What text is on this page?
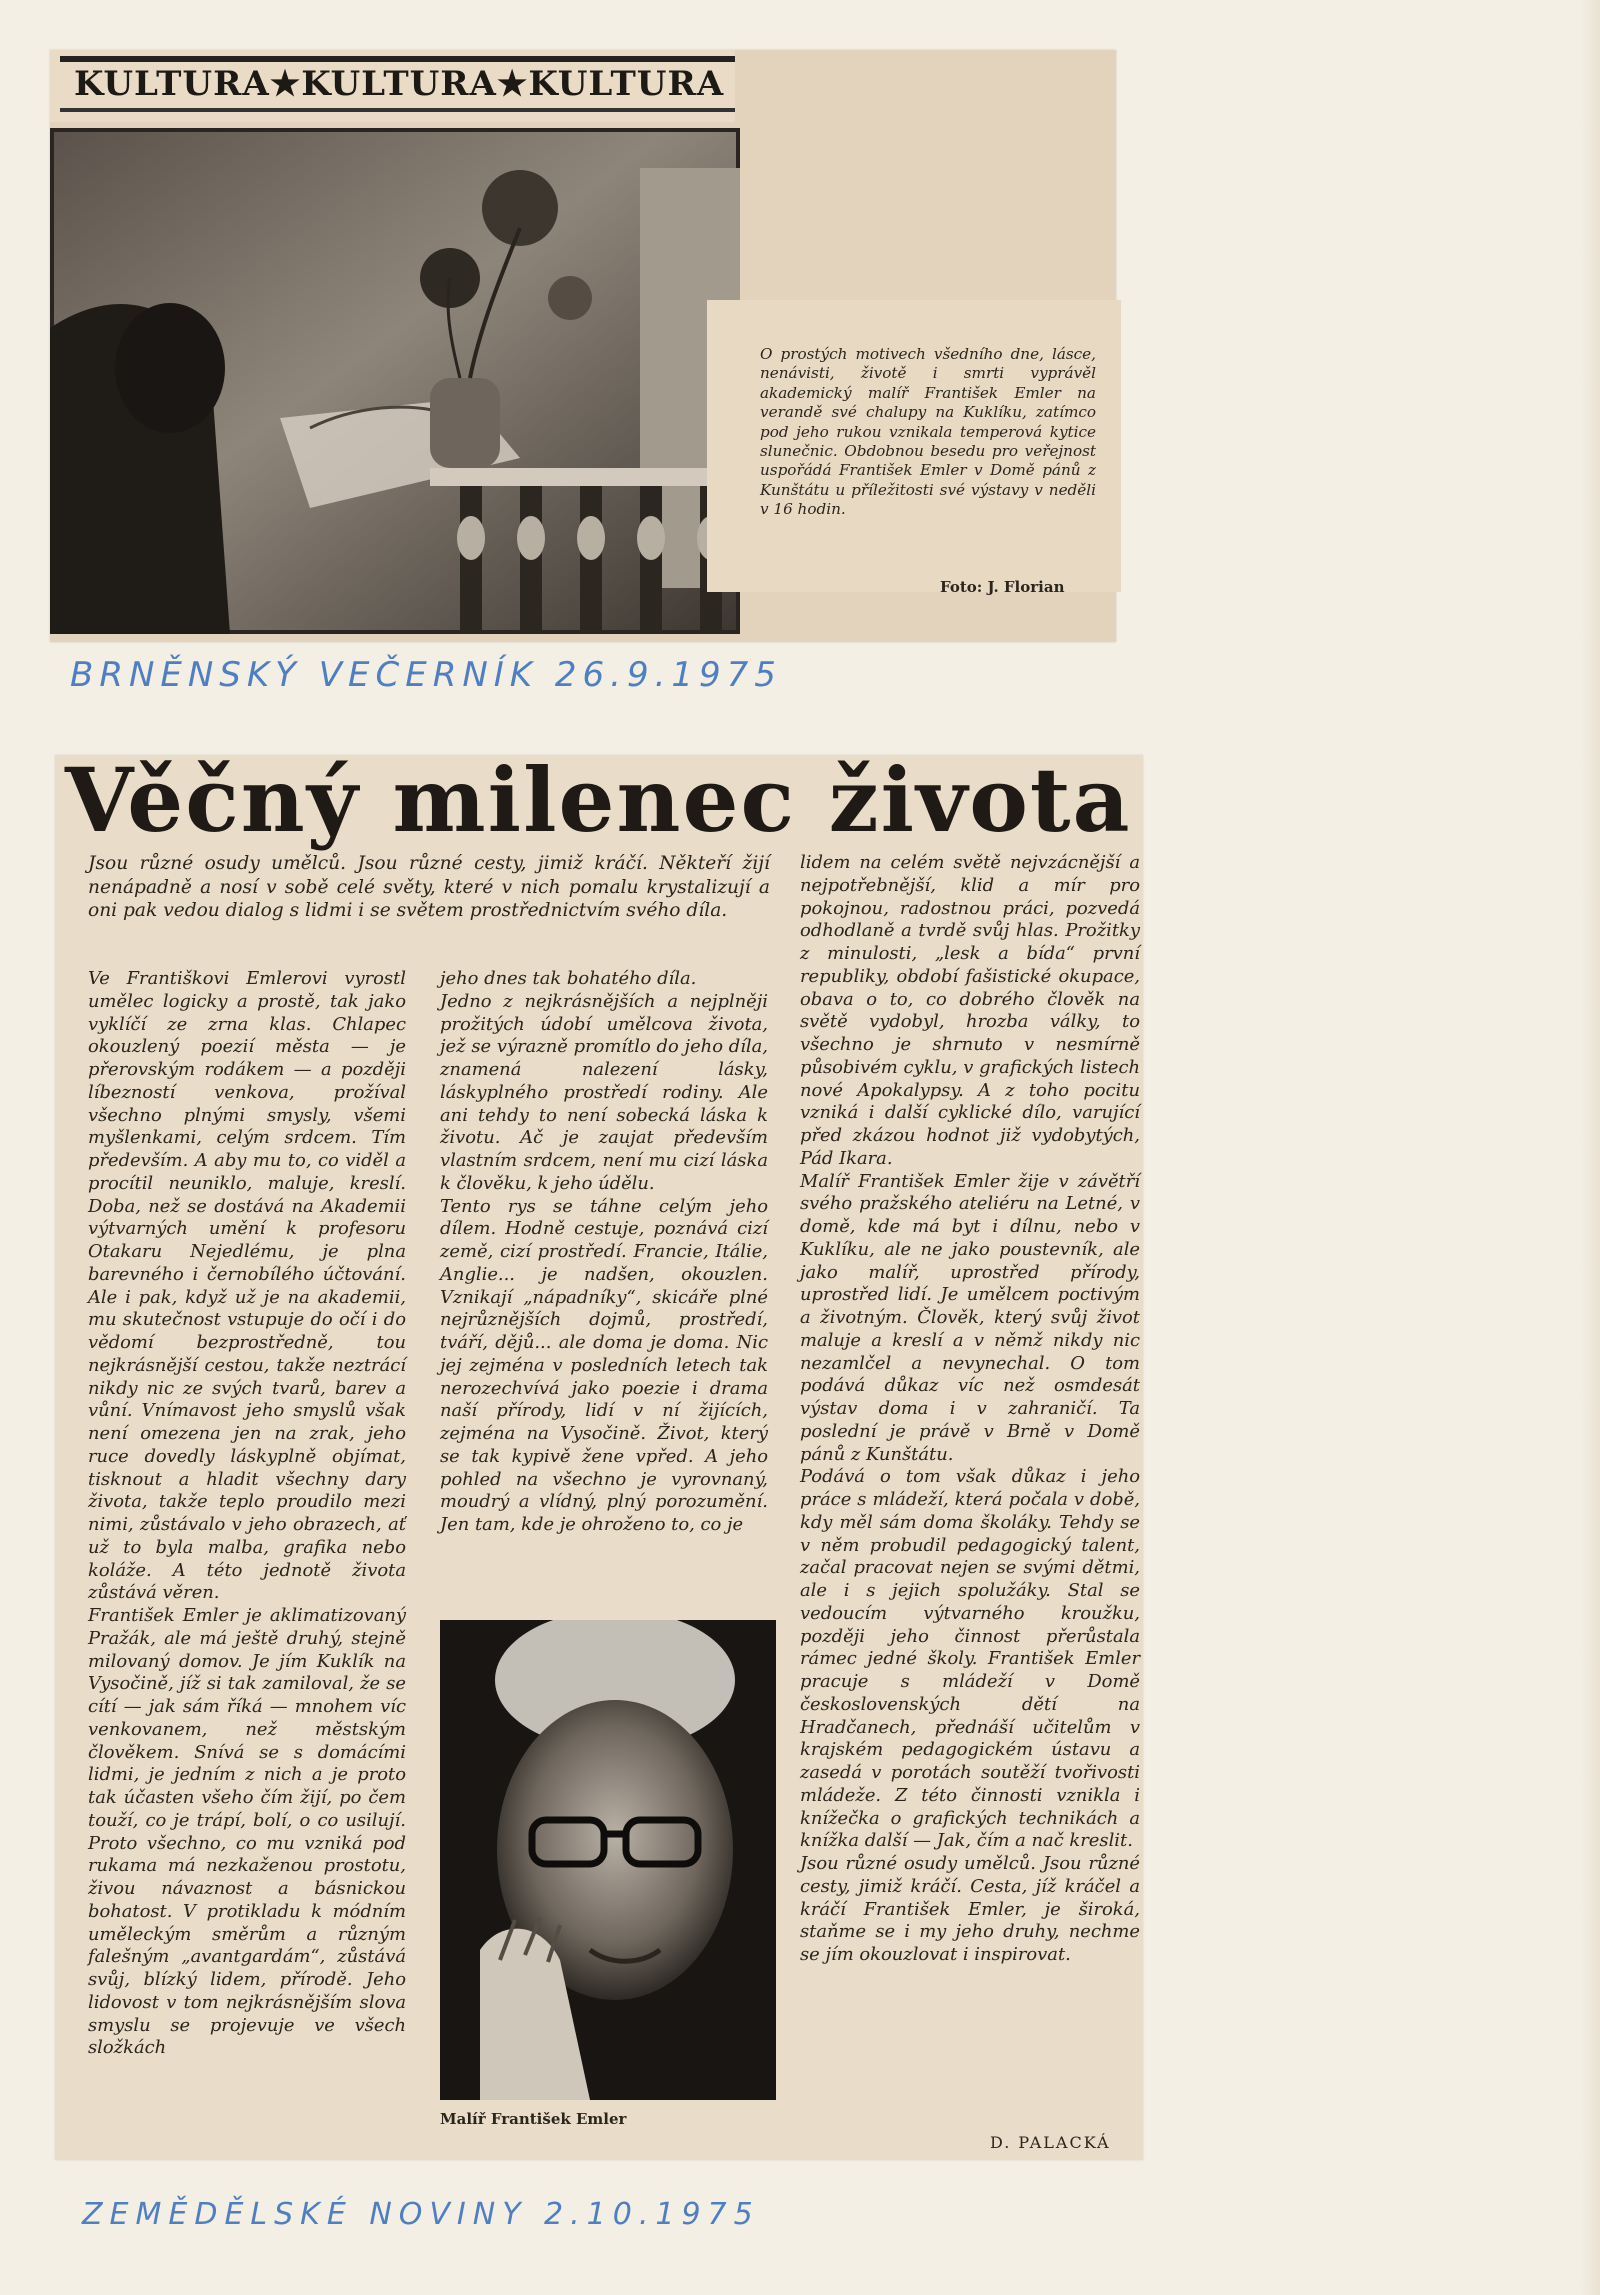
KULTURA★KULTURA★KULTURA

O prostých motivech všedního dne, lásce, nenávisti, životě i smrti vyprávěl akademický malíř František Emler na verandě své chalupy na Kuklíku, zatímco pod jeho rukou vznikala temperová kytice slunečnic. Obdobnou besedu pro veřejnost uspořádá František Emler v Domě pánů z Kunštátu u příležitosti své výstavy v neděli v 16 hodin.

Foto: J. Florian
BRNĚNSKÝ VEČERNÍK 26.9.1975
Věčný milenec života

Jsou různé osudy umělců. Jsou různé cesty, jimiž kráčí. Někteří žijí nenápadně a nosí v sobě celé světy, které v nich pomalu krystalizují a oni pak vedou dialog s lidmi i se světem prostřednictvím svého díla.

Ve Františkovi Emlerovi vyrostl umělec logicky a prostě, tak jako vyklíčí ze zrna klas. Chlapec okouzlený poezií města — je přerovským rodákem — a později líbezností venkova, prožíval všechno plnými smysly, všemi myšlenkami, celým srdcem. Tím především. A aby mu to, co viděl a procítil neuniklo, maluje, kreslí. Doba, než se dostává na Akademii výtvarných umění k profesoru Otakaru Nejedlému, je plna barevného i černobílého účtování. Ale i pak, když už je na akademii, mu skutečnost vstupuje do očí i do vědomí bezprostředně, tou nejkrásnější cestou, takže neztrácí nikdy nic ze svých tvarů, barev a vůní. Vnímavost jeho smyslů však není omezena jen na zrak, jeho ruce dovedly láskyplně objímat, tisknout a hladit všechny dary života, takže teplo proudilo mezi nimi, zůstávalo v jeho obrazech, ať už to byla malba, grafika nebo koláže. A této jednotě života zůstává věren.
František Emler je aklimatizovaný Pražák, ale má ještě druhý, stejně milovaný domov. Je jím Kuklík na Vysočině, jíž si tak zamiloval, že se cítí — jak sám říká — mnohem víc venkovanem, než městským člověkem. Snívá se s domácími lidmi, je jedním z nich a je proto tak účasten všeho čím žijí, po čem touží, co je trápí, bolí, o co usilují. Proto všechno, co mu vzniká pod rukama má nezkaženou prostotu, živou návaznost a básnickou bohatost. V protikladu k módním uměleckým směrům a různým falešným „avantgardám“, zůstává svůj, blízký lidem, přírodě. Jeho lidovost v tom nejkrásnějším slova smyslu se projevuje ve všech složkách

jeho dnes tak bohatého díla.
Jedno z nejkrásnějších a nejplněji prožitých údobí umělcova života, jež se výrazně promítlo do jeho díla, znamená nalezení lásky, láskyplného prostředí rodiny. Ale ani tehdy to není sobecká láska k životu. Ač je zaujat především vlastním srdcem, není mu cizí láska k člověku, k jeho údělu.
Tento rys se táhne celým jeho dílem. Hodně cestuje, poznává cizí země, cizí prostředí. Francie, Itálie, Anglie... je nadšen, okouzlen. Vznikají „nápadníky“, skicáře plné nejrůznějších dojmů, prostředí, tváří, dějů... ale doma je doma. Nic jej zejména v posledních letech tak nerozechvívá jako poezie i drama naší přírody, lidí v ní žijících, zejména na Vysočině. Život, který se tak kypivě žene vpřed. A jeho pohled na všechno je vyrovnaný, moudrý a vlídný, plný porozumění. Jen tam, kde je ohroženo to, co je

lidem na celém světě nejvzácnější a nejpotřebnější, klid a mír pro pokojnou, radostnou práci, pozvedá odhodlaně a tvrdě svůj hlas. Prožitky z minulosti, „lesk a bída“ první republiky, období fašistické okupace, obava o to, co dobrého člověk na světě vydobyl, hrozba války, to všechno je shrnuto v nesmírně působivém cyklu, v grafických listech nové Apokalypsy. A z toho pocitu vzniká i další cyklické dílo, varující před zkázou hodnot již vydobytých, Pád Ikara.
Malíř František Emler žije v závětří svého pražského ateliéru na Letné, v domě, kde má byt i dílnu, nebo v Kuklíku, ale ne jako poustevník, ale jako malíř, uprostřed přírody, uprostřed lidí. Je umělcem poctivým a životným. Člověk, který svůj život maluje a kreslí a v němž nikdy nic nezamlčel a nevynechal. O tom podává důkaz víc než osmdesát výstav doma i v zahraničí. Ta poslední je právě v Brně v Domě pánů z Kunštátu.
Podává o tom však důkaz i jeho práce s mládeží, která počala v době, kdy měl sám doma školáky. Tehdy se v něm probudil pedagogický talent, začal pracovat nejen se svými dětmi, ale i s jejich spolužáky. Stal se vedoucím výtvarného kroužku, později jeho činnost přerůstala rámec jedné školy. František Emler pracuje s mládeží v Domě československých dětí na Hradčanech, přednáší učitelům v krajském pedagogickém ústavu a zasedá v porotách soutěží tvořivosti mládeže. Z této činnosti vznikla i knížečka o grafických technikách a knížka další — Jak, čím a nač kreslit.
Jsou různé osudy umělců. Jsou různé cesty, jimiž kráčí. Cesta, jíž kráčel a kráčí František Emler, je široká, staňme se i my jeho druhy, nechme se jím okouzlovat i inspirovat.

Malíř František Emler
D. PALACKÁ
ZEMĚDĚLSKÉ NOVINY 2.10.1975
